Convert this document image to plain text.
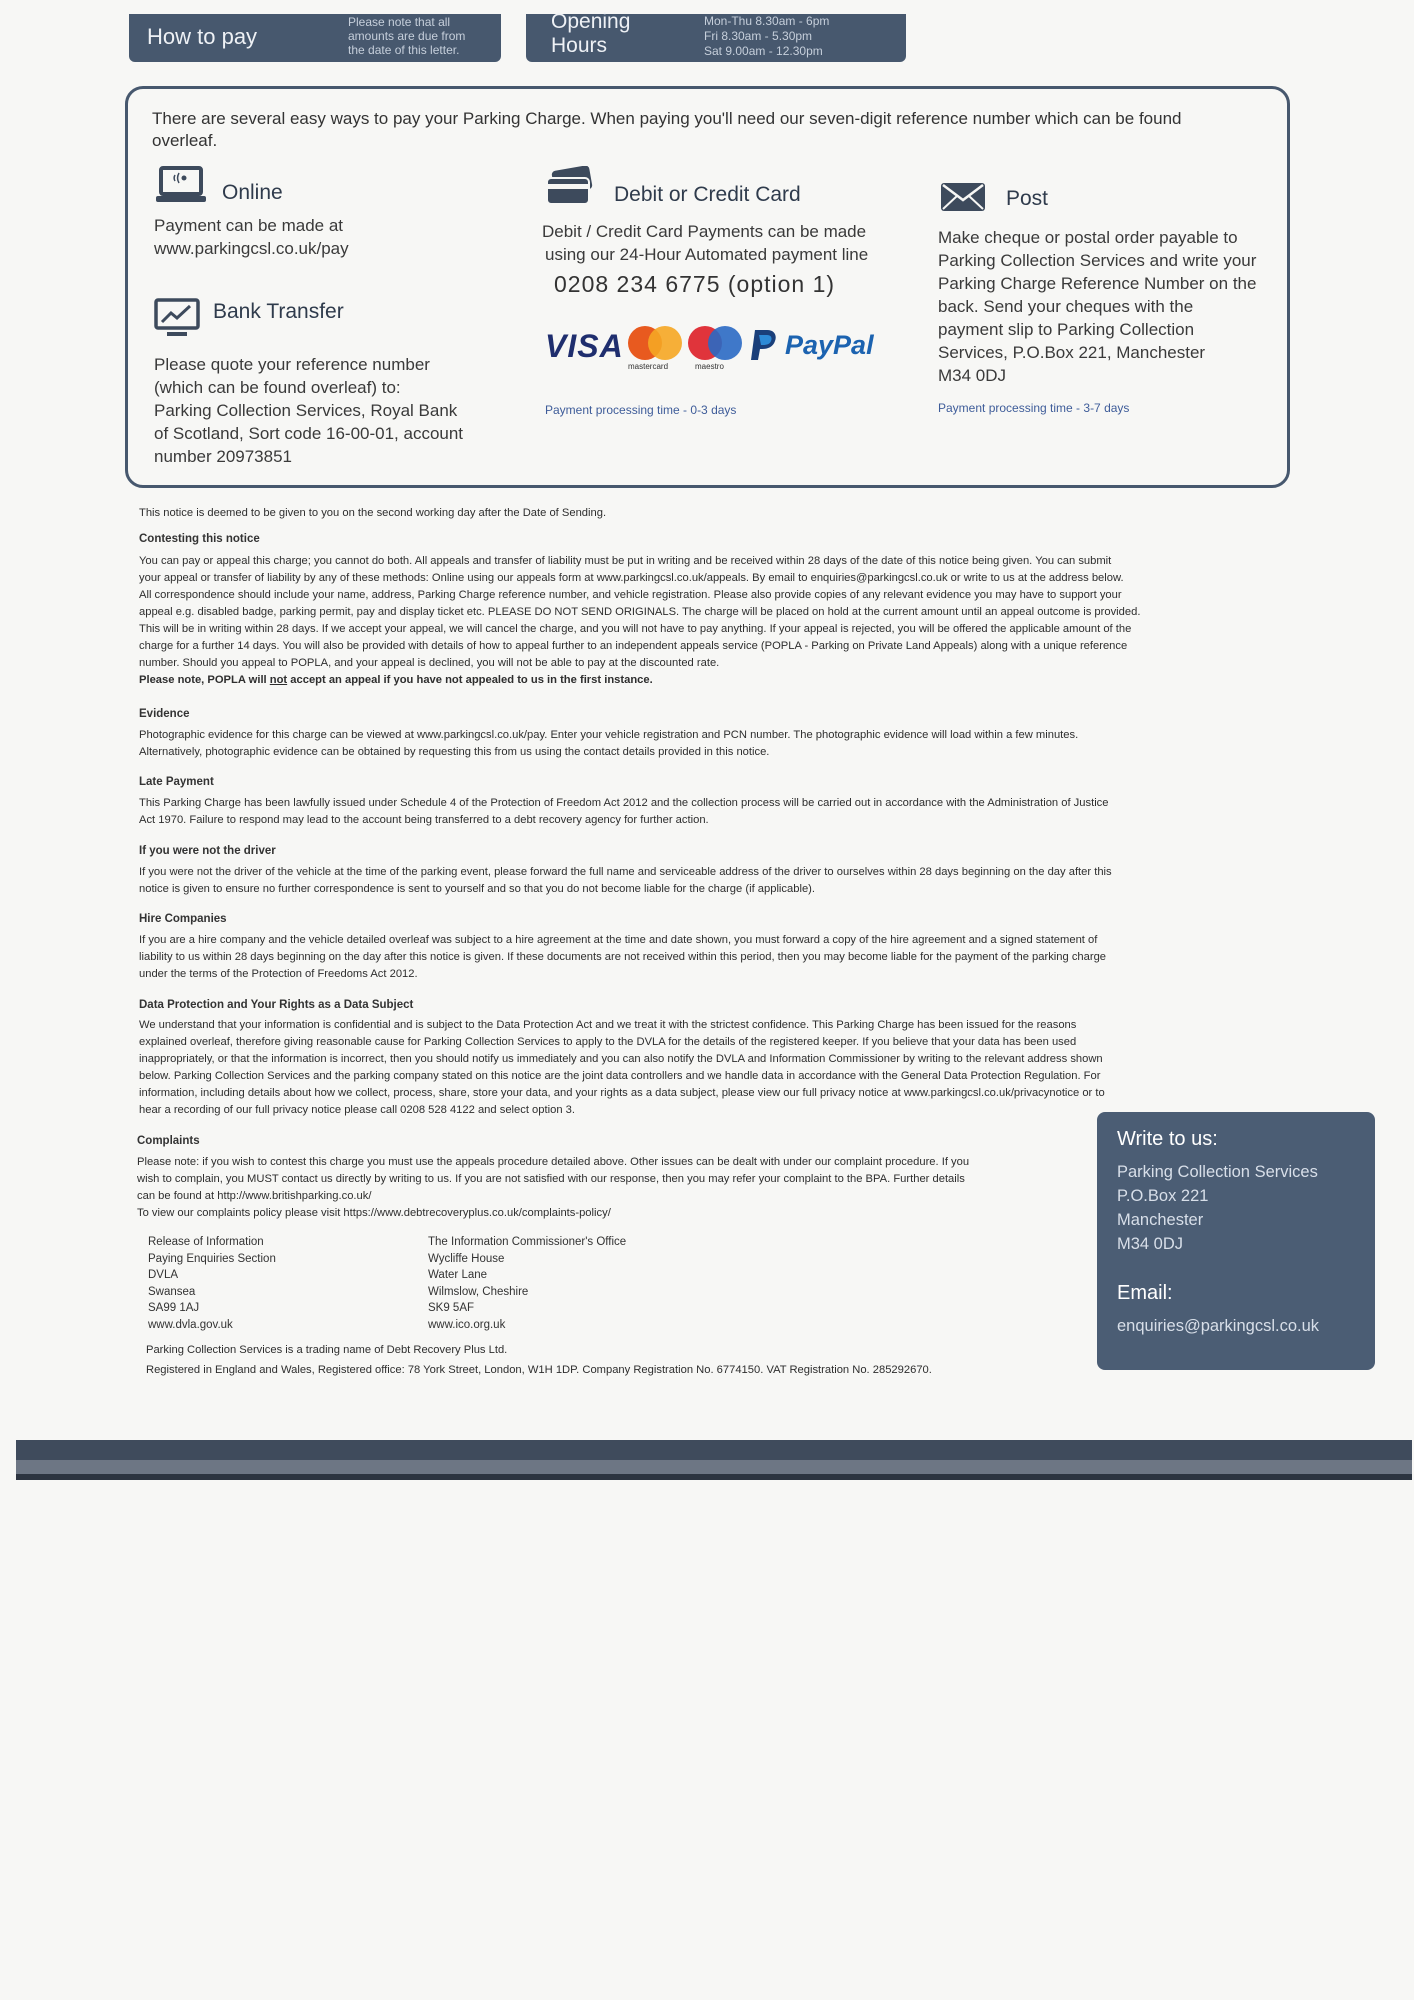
How to pay
Please note that all
amounts are due from
the date of this letter.
Opening
Hours
Mon-Thu 8.30am - 6pm
Fri 8.30am - 5.30pm
Sat 9.00am - 12.30pm
There are several easy ways to pay your Parking Charge. When paying you'll need our seven-digit reference number which can be found overleaf.
Online
Payment can be made at
www.parkingcsl.co.uk/pay
Bank Transfer
Please quote your reference number
(which can be found overleaf) to:
Parking Collection Services, Royal Bank
of Scotland, Sort code 16-00-01, account
number 20973851
Debit or Credit Card
Debit / Credit Card Payments can be made
using our 24-Hour Automated payment line
0208 234 6775 (option 1)
VISA
mastercard	maestro
PayPal
Payment processing time - 0-3 days
Post
Make cheque or postal order payable to
Parking Collection Services and write your
Parking Charge Reference Number on the
back. Send your cheques with the
payment slip to Parking Collection
Services, P.O.Box 221, Manchester
M34 0DJ
Payment processing time - 3-7 days
This notice is deemed to be given to you on the second working day after the Date of Sending.
Contesting this notice
You can pay or appeal this charge; you cannot do both. All appeals and transfer of liability must be put in writing and be received within 28 days of the date of this notice being given. You can submit
your appeal or transfer of liability by any of these methods: Online using our appeals form at www.parkingcsl.co.uk/appeals. By email to enquiries@parkingcsl.co.uk or write to us at the address below.
All correspondence should include your name, address, Parking Charge reference number, and vehicle registration. Please also provide copies of any relevant evidence you may have to support your
appeal e.g. disabled badge, parking permit, pay and display ticket etc. PLEASE DO NOT SEND ORIGINALS. The charge will be placed on hold at the current amount until an appeal outcome is provided.
This will be in writing within 28 days. If we accept your appeal, we will cancel the charge, and you will not have to pay anything. If your appeal is rejected, you will be offered the applicable amount of the
charge for a further 14 days. You will also be provided with details of how to appeal further to an independent appeals service (POPLA - Parking on Private Land Appeals) along with a unique reference
number. Should you appeal to POPLA, and your appeal is declined, you will not be able to pay at the discounted rate.
Please note, POPLA will not accept an appeal if you have not appealed to us in the first instance.
Evidence
Photographic evidence for this charge can be viewed at www.parkingcsl.co.uk/pay. Enter your vehicle registration and PCN number. The photographic evidence will load within a few minutes.
Alternatively, photographic evidence can be obtained by requesting this from us using the contact details provided in this notice.
Late Payment
This Parking Charge has been lawfully issued under Schedule 4 of the Protection of Freedom Act 2012 and the collection process will be carried out in accordance with the Administration of Justice
Act 1970. Failure to respond may lead to the account being transferred to a debt recovery agency for further action.
If you were not the driver
If you were not the driver of the vehicle at the time of the parking event, please forward the full name and serviceable address of the driver to ourselves within 28 days beginning on the day after this
notice is given to ensure no further correspondence is sent to yourself and so that you do not become liable for the charge (if applicable).
Hire Companies
If you are a hire company and the vehicle detailed overleaf was subject to a hire agreement at the time and date shown, you must forward a copy of the hire agreement and a signed statement of
liability to us within 28 days beginning on the day after this notice is given. If these documents are not received within this period, then you may become liable for the payment of the parking charge
under the terms of the Protection of Freedoms Act 2012.
Data Protection and Your Rights as a Data Subject
We understand that your information is confidential and is subject to the Data Protection Act and we treat it with the strictest confidence. This Parking Charge has been issued for the reasons
explained overleaf, therefore giving reasonable cause for Parking Collection Services to apply to the DVLA for the details of the registered keeper. If you believe that your data has been used
inappropriately, or that the information is incorrect, then you should notify us immediately and you can also notify the DVLA and Information Commissioner by writing to the relevant address shown
below. Parking Collection Services and the parking company stated on this notice are the joint data controllers and we handle data in accordance with the General Data Protection Regulation. For
information, including details about how we collect, process, share, store your data, and your rights as a data subject, please view our full privacy notice at www.parkingcsl.co.uk/privacynotice or to
hear a recording of our full privacy notice please call 0208 528 4122 and select option 3.
Complaints
Please note: if you wish to contest this charge you must use the appeals procedure detailed above. Other issues can be dealt with under our complaint procedure. If you
wish to complain, you MUST contact us directly by writing to us. If you are not satisfied with our response, then you may refer your complaint to the BPA. Further details
can be found at http://www.britishparking.co.uk/
To view our complaints policy please visit https://www.debtrecoveryplus.co.uk/complaints-policy/
Release of Information
Paying Enquiries Section
DVLA
Swansea
SA99 1AJ
www.dvla.gov.uk
The Information Commissioner's Office
Wycliffe House
Water Lane
Wilmslow, Cheshire
SK9 5AF
www.ico.org.uk
Parking Collection Services is a trading name of Debt Recovery Plus Ltd.
Registered in England and Wales, Registered office: 78 York Street, London, W1H 1DP. Company Registration No. 6774150. VAT Registration No. 285292670.
Write to us:
Parking Collection Services
P.O.Box 221
Manchester
M34 0DJ
Email:
enquiries@parkingcsl.co.uk
